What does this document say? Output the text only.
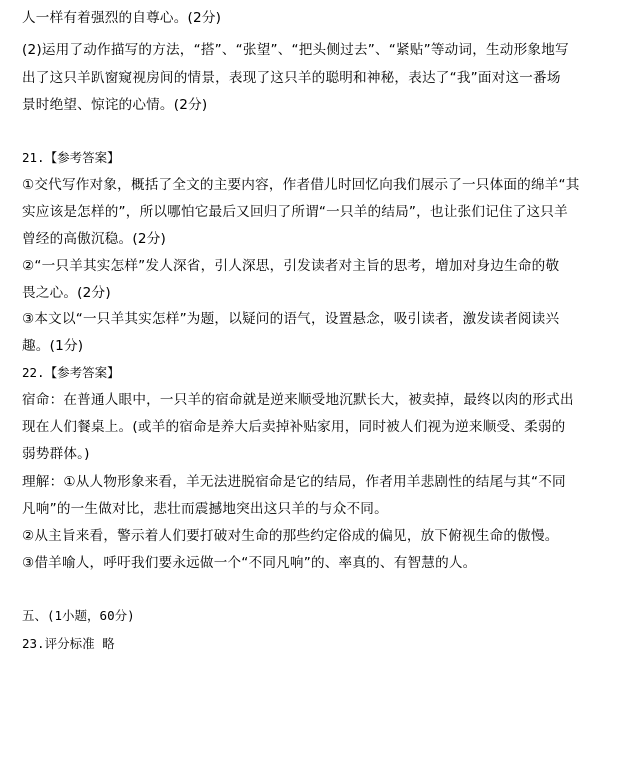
人一样有着强烈的自尊心。(2分)
(2)运用了动作描写的方法，“搭”、“张望”、“把头侧过去”、“紧贴”等动词，生动形象地写
出了这只羊趴窗窥视房间的情景，表现了这只羊的聪明和神秘，表达了“我”面对这一番场
景时绝望、惊诧的心情。(2分)
21.【参考答案】
①交代写作对象，概括了全文的主要内容，作者借儿时回忆向我们展示了一只体面的绵羊“其
实应该是怎样的”，所以哪怕它最后又回归了所谓“一只羊的结局”，也让张们记住了这只羊
曾经的高傲沉稳。(2分)
②“一只羊其实怎样”发人深省，引人深思，引发读者对主旨的思考，增加对身边生命的敬
畏之心。(2分)
③本文以“一只羊其实怎样”为题，以疑问的语气，设置悬念，吸引读者，激发读者阅读兴
趣。(1分)
22.【参考答案】
宿命：在普通人眼中，一只羊的宿命就是逆来顺受地沉默长大，被卖掉，最终以肉的形式出
现在人们餐桌上。(或羊的宿命是养大后卖掉补贴家用，同时被人们视为逆来顺受、柔弱的
弱势群体。)
理解：①从人物形象来看，羊无法进脱宿命是它的结局，作者用羊悲剧性的结尾与其“不同
凡响”的一生做对比，悲壮而震撼地突出这只羊的与众不同。
②从主旨来看，警示着人们要打破对生命的那些约定俗成的偏见，放下俯视生命的傲慢。
③借羊喻人，呼吁我们要永远做一个“不同凡响”的、率真的、有智慧的人。
五、(1小题，60分)
23.评分标准 略
